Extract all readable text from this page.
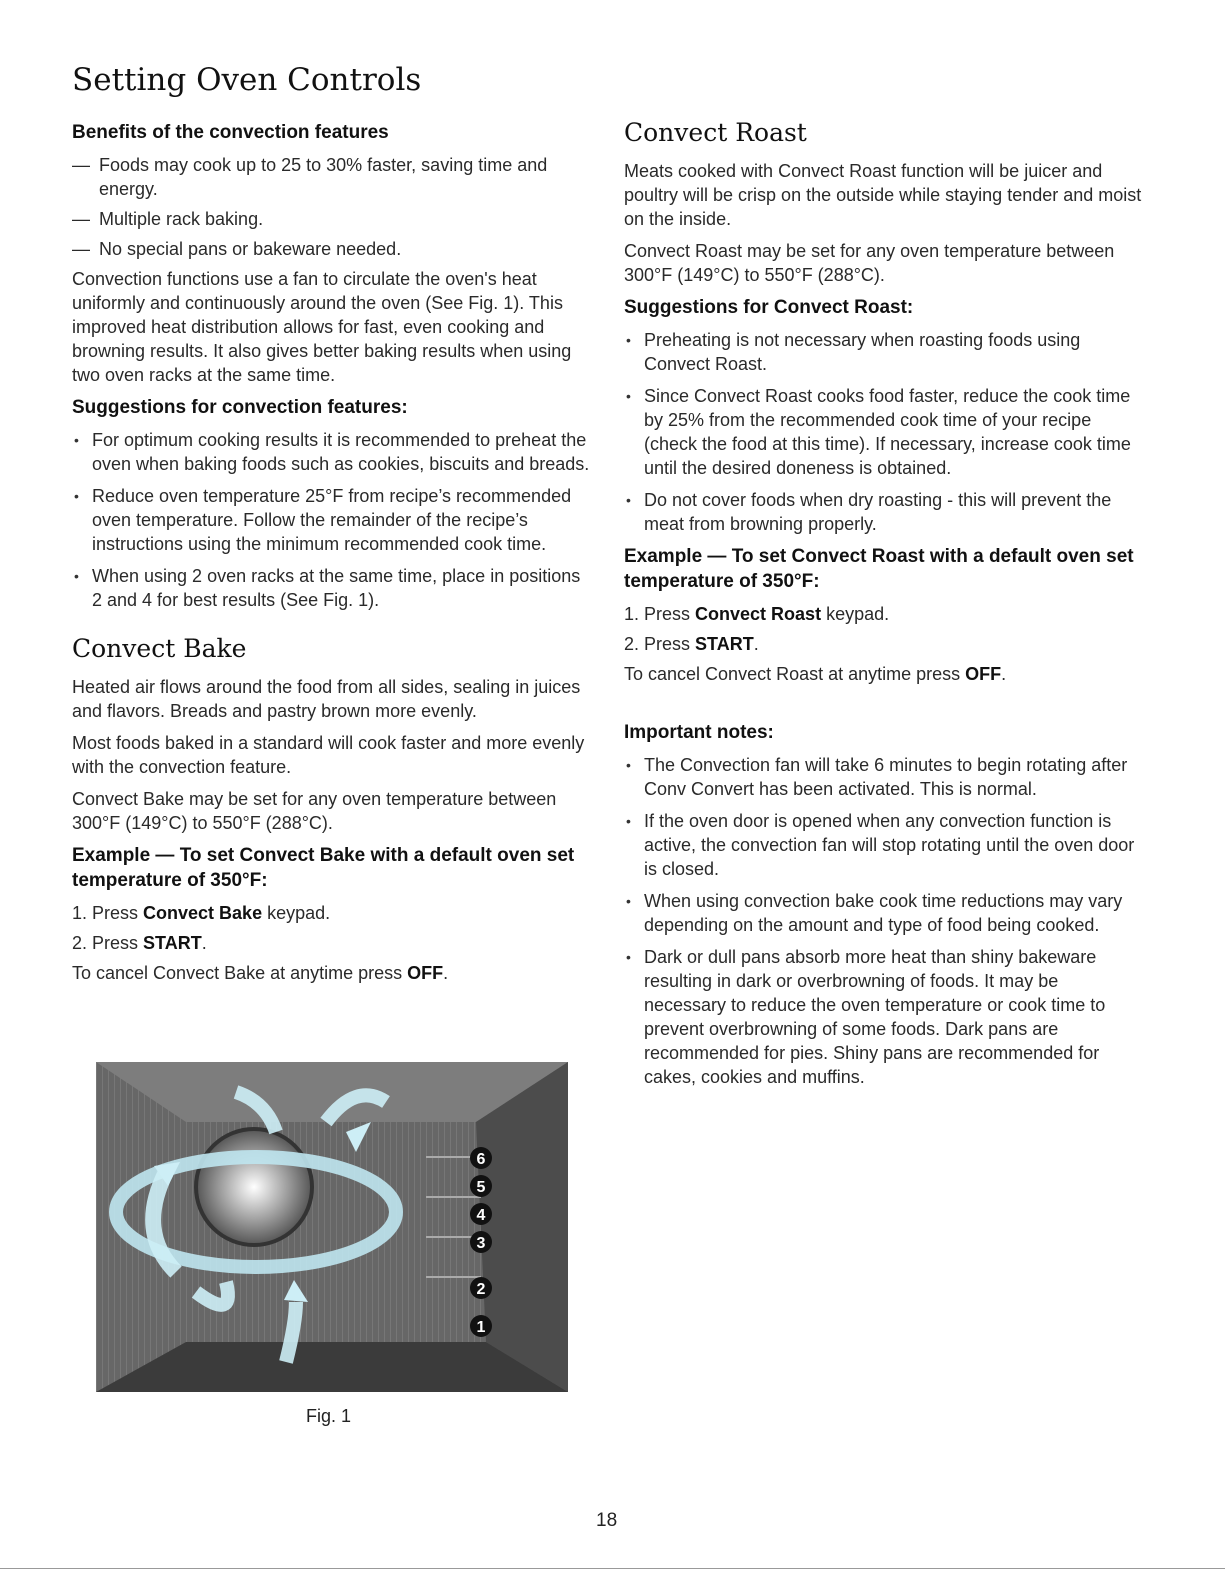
Setting Oven Controls
Benefits of the convection features
— Foods may cook up to 25 to 30% faster, saving time and energy.
— Multiple rack baking.
— No special pans or bakeware needed.

Convection functions use a fan to circulate the oven's heat uniformly and continuously around the oven (See Fig. 1). This improved heat distribution allows for fast, even cooking and browning results. It also gives better baking results when using two oven racks at the same time.

Suggestions for convection features:
• For optimum cooking results it is recommended to preheat the oven when baking foods such as cookies, biscuits and breads.
• Reduce oven temperature 25°F from recipe’s recommended oven temperature. Follow the remainder of the recipe’s instructions using the minimum recommended cook time.
• When using 2 oven racks at the same time, place in positions 2 and 4 for best results (See Fig. 1).
Convect Bake

Heated air flows around the food from all sides, sealing in juices and flavors. Breads and pastry brown more evenly.

Most foods baked in a standard will cook faster and more evenly with the convection feature.

Convect Bake may be set for any oven temperature between 300°F (149°C) to 550°F (288°C).

Example — To set Convect Bake with a default oven set temperature of 350°F:
1. Press Convect Bake keypad.
2. Press START.

To cancel Convect Bake at anytime press OFF.

6
5
4
3
2
1
Fig. 1
Convect Roast

Meats cooked with Convect Roast function will be juicer and poultry will be crisp on the outside while staying tender and moist on the inside.

Convect Roast may be set for any oven temperature between 300°F (149°C) to 550°F (288°C).

Suggestions for Convect Roast:
• Preheating is not necessary when roasting foods using Convect Roast.
• Since Convect Roast cooks food faster, reduce the cook time by 25% from the recommended cook time of your recipe (check the food at this time). If necessary, increase cook time until the desired doneness is obtained.
• Do not cover foods when dry roasting - this will prevent the meat from browning properly.
Example — To set Convect Roast with a default oven set temperature of 350°F:
1. Press Convect Roast keypad.
2. Press START.

To cancel Convect Roast at anytime press OFF.

Important notes:
• The Convection fan will take 6 minutes to begin rotating after Conv Convert has been activated. This is normal.
• If the oven door is opened when any convection function is active, the convection fan will stop rotating until the oven door is closed.
• When using convection bake cook time reductions may vary depending on the amount and type of food being cooked.
• Dark or dull pans absorb more heat than shiny bakeware resulting in dark or overbrowning of foods. It may be necessary to reduce the oven temperature or cook time to prevent overbrowning of some foods. Dark pans are recommended for pies. Shiny pans are recommended for cakes, cookies and muffins.
18
